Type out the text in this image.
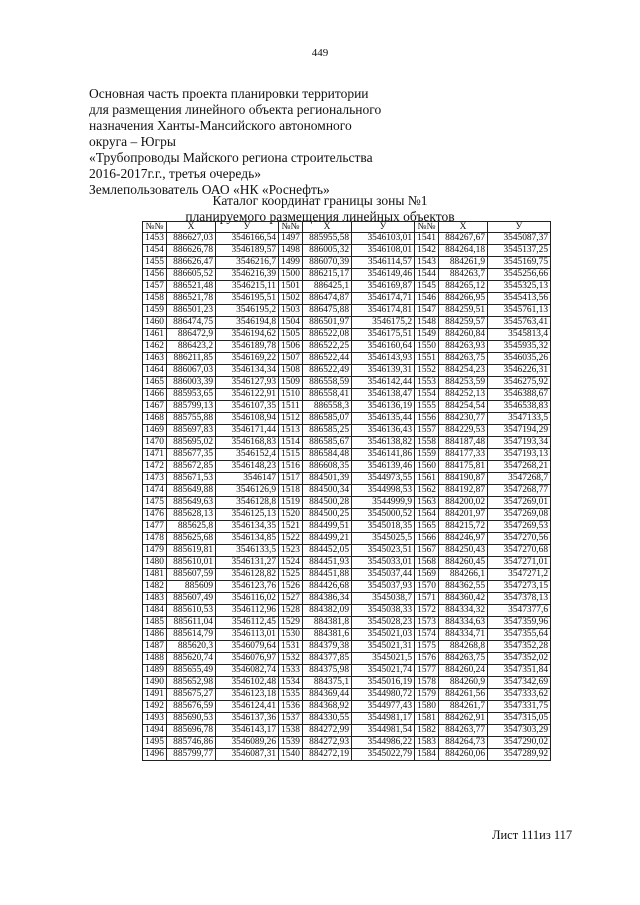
449
Основная часть проекта планировки территории
для размещения линейного объекта регионального
назначения Ханты-Мансийского автономного
округа – Югры
«Трубопроводы Майского региона строительства
2016-2017г.г., третья очередь»
Землепользователь ОАО «НК «Роснефть»
Каталог координат границы зоны №1
планируемого размещения линейных объектов
№№	X	У	№№	X	У	№№	X	У
1453	886627,03	3546166,54	1497	885955,58	3546103,01	1541	884267,67	3545087,37
1454	886626,78	3546189,57	1498	886005,32	3546108,01	1542	884264,18	3545137,25
1455	886626,47	3546216,7	1499	886070,39	3546114,57	1543	884261,9	3545169,75
1456	886605,52	3546216,39	1500	886215,17	3546149,46	1544	884263,7	3545256,66
1457	886521,48	3546215,11	1501	886425,1	3546169,87	1545	884265,12	3545325,13
1458	886521,78	3546195,51	1502	886474,87	3546174,71	1546	884266,95	3545413,56
1459	886501,23	3546195,2	1503	886475,88	3546174,81	1547	884259,51	3545761,13
1460	886474,75	3546194,8	1504	886501,97	3546175,2	1548	884259,57	3545763,41
1461	886472,9	3546194,62	1505	886522,08	3546175,51	1549	884260,84	3545813,4
1462	886423,2	3546189,78	1506	886522,25	3546160,64	1550	884263,93	3545935,32
1463	886211,85	3546169,22	1507	886522,44	3546143,93	1551	884263,75	3546035,26
1464	886067,03	3546134,34	1508	886522,49	3546139,31	1552	884254,23	3546226,31
1465	886003,39	3546127,93	1509	886558,59	3546142,44	1553	884253,59	3546275,92
1466	885953,65	3546122,91	1510	886558,41	3546138,47	1554	884252,13	3546388,67
1467	885799,13	3546107,35	1511	886558,3	3546136,19	1555	884254,54	3546538,83
1468	885755,88	3546108,94	1512	886585,07	3546135,44	1556	884230,77	3547133,5
1469	885697,83	3546171,44	1513	886585,25	3546136,43	1557	884229,53	3547194,29
1470	885695,02	3546168,83	1514	886585,67	3546138,82	1558	884187,48	3547193,34
1471	885677,35	3546152,4	1515	886584,48	3546141,86	1559	884177,33	3547193,13
1472	885672,85	3546148,23	1516	886608,35	3546139,46	1560	884175,81	3547268,21
1473	885671,53	3546147	1517	884501,39	3544973,55	1561	884190,87	3547268,7
1474	885649,88	3546126,9	1518	884500,34	3544998,53	1562	884192,87	3547268,77
1475	885649,63	3546128,8	1519	884500,28	3544999,9	1563	884200,02	3547269,01
1476	885628,13	3546125,13	1520	884500,25	3545000,52	1564	884201,97	3547269,08
1477	885625,8	3546134,35	1521	884499,51	3545018,35	1565	884215,72	3547269,53
1478	885625,68	3546134,85	1522	884499,21	3545025,5	1566	884246,97	3547270,56
1479	885619,81	3546133,5	1523	884452,05	3545023,51	1567	884250,43	3547270,68
1480	885610,01	3546131,27	1524	884451,93	3545033,01	1568	884260,45	3547271,01
1481	885607,59	3546128,82	1525	884451,88	3545037,44	1569	884266,1	3547271,2
1482	885609	3546123,76	1526	884426,68	3545037,93	1570	884362,55	3547273,15
1483	885607,49	3546116,02	1527	884386,34	3545038,7	1571	884360,42	3547378,13
1484	885610,53	3546112,96	1528	884382,09	3545038,33	1572	884334,32	3547377,6
1485	885611,04	3546112,45	1529	884381,8	3545028,23	1573	884334,63	3547359,96
1486	885614,79	3546113,01	1530	884381,6	3545021,03	1574	884334,71	3547355,64
1487	885620,3	3546079,64	1531	884379,38	3545021,31	1575	884268,8	3547352,28
1488	885620,74	3546076,97	1532	884377,85	3545021,5	1576	884263,75	3547352,02
1489	885655,49	3546082,74	1533	884375,98	3545021,74	1577	884260,24	3547351,84
1490	885652,98	3546102,48	1534	884375,1	3545016,19	1578	884260,9	3547342,69
1491	885675,27	3546123,18	1535	884369,44	3544980,72	1579	884261,56	3547333,62
1492	885676,59	3546124,41	1536	884368,92	3544977,43	1580	884261,7	3547331,75
1493	885690,53	3546137,36	1537	884330,55	3544981,17	1581	884262,91	3547315,05
1494	885696,78	3546143,17	1538	884272,99	3544981,54	1582	884263,77	3547303,29
1495	885746,86	3546089,26	1539	884272,93	3544986,22	1583	884264,73	3547290,02
1496	885799,77	3546087,31	1540	884272,19	3545022,79	1584	884260,06	3547289,92
Лист 111из 117
